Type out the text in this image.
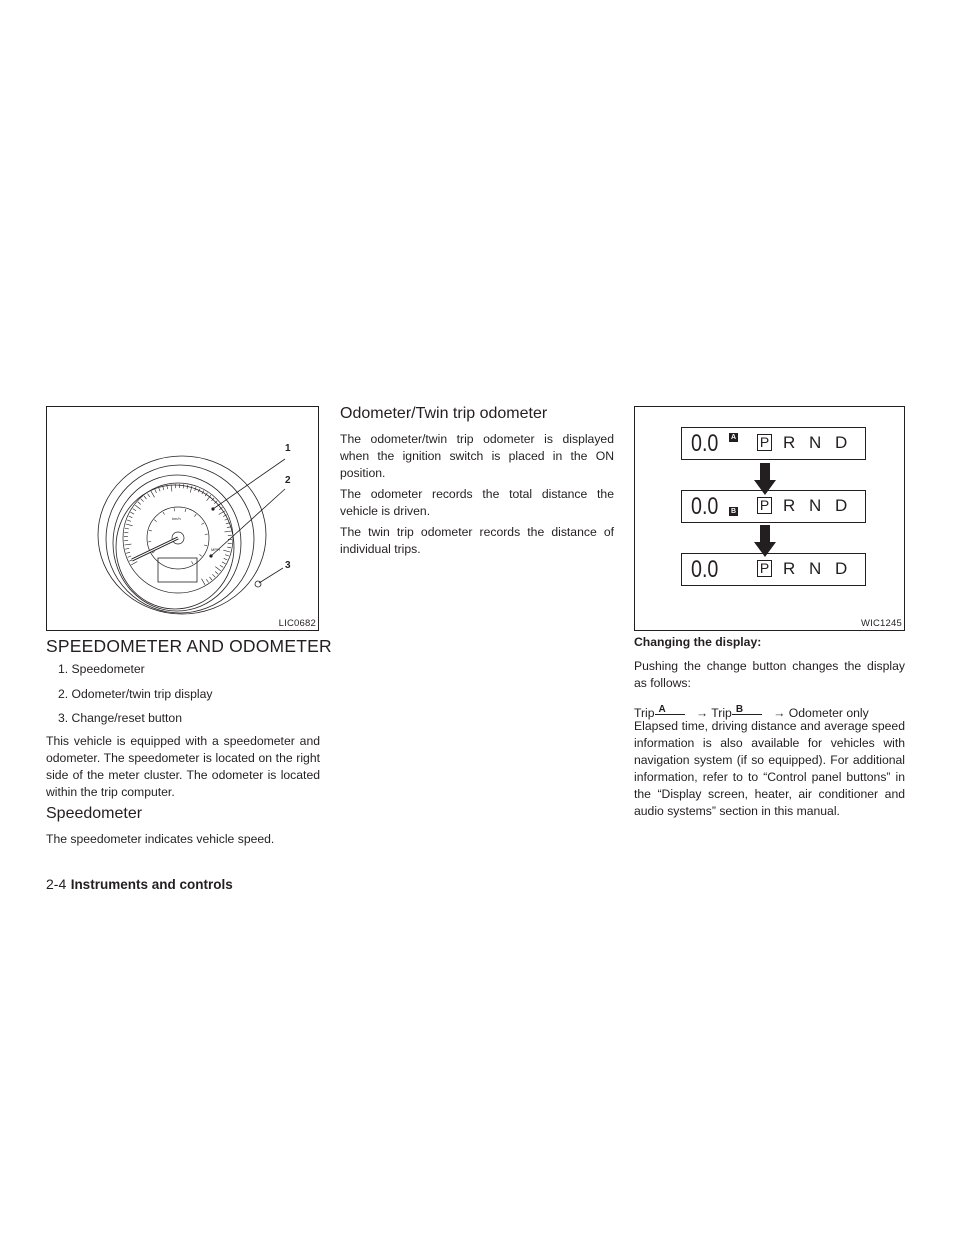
km/h
MPH
1
2
3
LIC0682
SPEEDOMETER AND ODOMETER
1. Speedometer
2. Odometer/twin trip display
3. Change/reset button
This vehicle is equipped with a speedometer and odometer. The speedometer is located on the right side of the meter cluster. The odometer is located within the trip computer.
Speedometer
The speedometer indicates vehicle speed.
Odometer/Twin trip odometer
The odometer/twin trip odometer is displayed when the ignition switch is placed in the ON position.
The odometer records the total distance the vehicle is driven.
The twin trip odometer records the distance of individual trips.
0.0 A P R N D
0.0 B P R N D
0.0	P R N D
WIC1245
Changing the display:
Pushing the change button changes the display as follows:
Trip A → Trip B → Odometer only
Elapsed time, driving distance and average speed information is also available for vehicles with navigation system (if so equipped). For additional information, refer to to “Control panel buttons” in the “Display screen, heater, air conditioner and audio systems” section in this manual.
2-4 Instruments and controls
